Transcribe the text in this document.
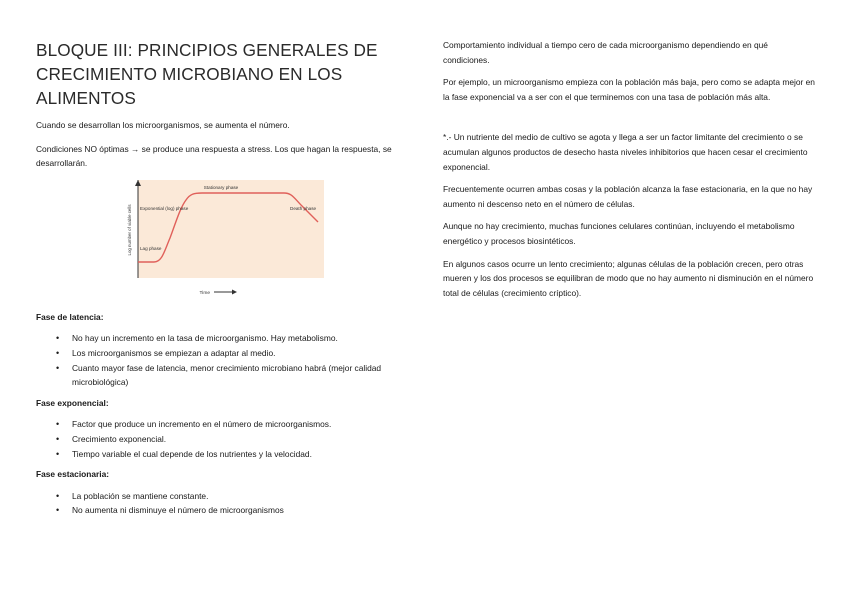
BLOQUE III: PRINCIPIOS GENERALES DE CRECIMIENTO MICROBIANO EN LOS ALIMENTOS

Cuando se desarrollan los microorganismos, se aumenta el número.

Condiciones NO óptimas → se produce una respuesta a stress. Los que hagan la respuesta, se desarrollarán.

Stationary phase
Exponential (log) phase
Lag phase
Death phase
Log number of viable cells
Time
Fase de latencia:
• No hay un incremento en la tasa de microorganismo. Hay metabolismo.
• Los microorganismos se empiezan a adaptar al medio.
• Cuanto mayor fase de latencia, menor crecimiento microbiano habrá (mejor calidad microbiológica)
Fase exponencial:
• Factor que produce un incremento en el número de microorganismos.
• Crecimiento exponencial.
• Tiempo variable el cual depende de los nutrientes y la velocidad.
Fase estacionaria:
• La población se mantiene constante.
• No aumenta ni disminuye el número de microorganismos

Comportamiento individual a tiempo cero de cada microorganismo dependiendo en qué condiciones.

Por ejemplo, un microorganismo empieza con la población más baja, pero como se adapta mejor en la fase exponencial va a ser con el que terminemos con una tasa de población más alta.

*.- Un nutriente del medio de cultivo se agota y llega a ser un factor limitante del crecimiento o se acumulan algunos productos de desecho hasta niveles inhibitorios que hacen cesar el crecimiento exponencial.

Frecuentemente ocurren ambas cosas y la población alcanza la fase estacionaria, en la que no hay aumento ni descenso neto en el número de células.

Aunque no hay crecimiento, muchas funciones celulares continúan, incluyendo el metabolismo energético y procesos biosintéticos.

En algunos casos ocurre un lento crecimiento; algunas células de la población crecen, pero otras mueren y los dos procesos se equilibran de modo que no hay aumento ni disminución en el número total de células (crecimiento críptico).
